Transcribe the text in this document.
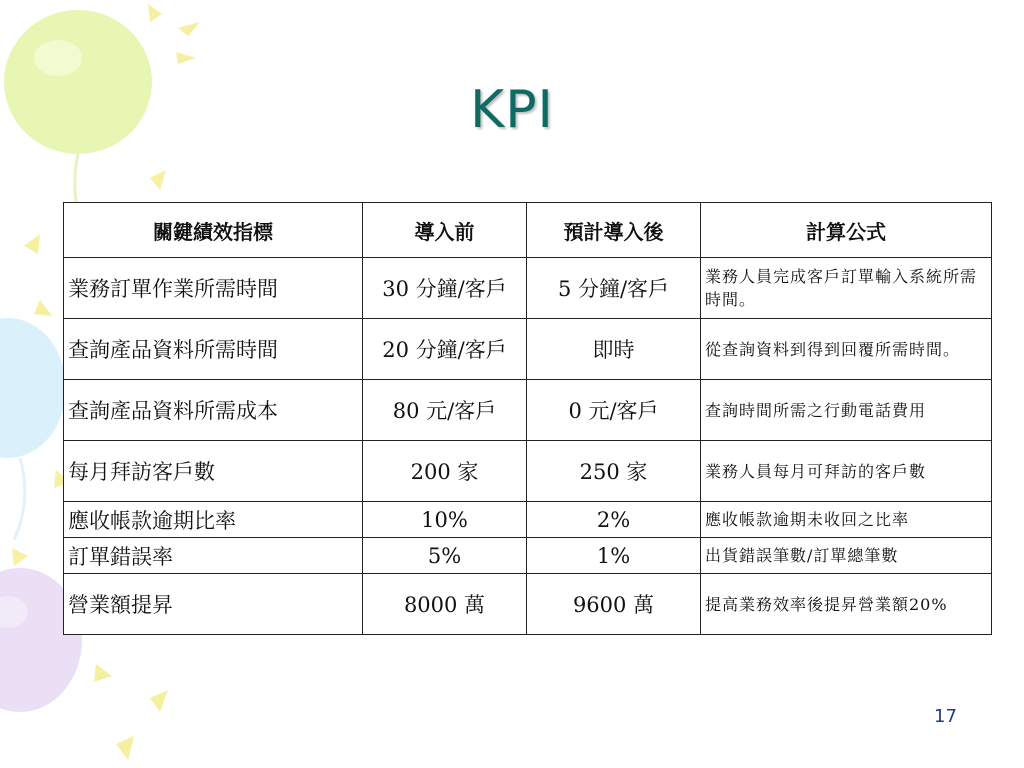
KPI
關鍵績效指標	導入前	預計導入後	計算公式
業務訂單作業所需時間	30 分鐘/客戶	5 分鐘/客戶	業務人員完成客戶訂單輸入系統所需時間。
查詢產品資料所需時間	20 分鐘/客戶	即時	從查詢資料到得到回覆所需時間。
查詢產品資料所需成本	80 元/客戶	0 元/客戶	查詢時間所需之行動電話費用
每月拜訪客戶數	200 家	250 家	業務人員每月可拜訪的客戶數
應收帳款逾期比率	10%	2%	應收帳款逾期未收回之比率
訂單錯誤率	5%	1%	出貨錯誤筆數/訂單總筆數
營業額提昇	8000 萬	9600 萬	提高業務效率後提昇營業額20%
17
